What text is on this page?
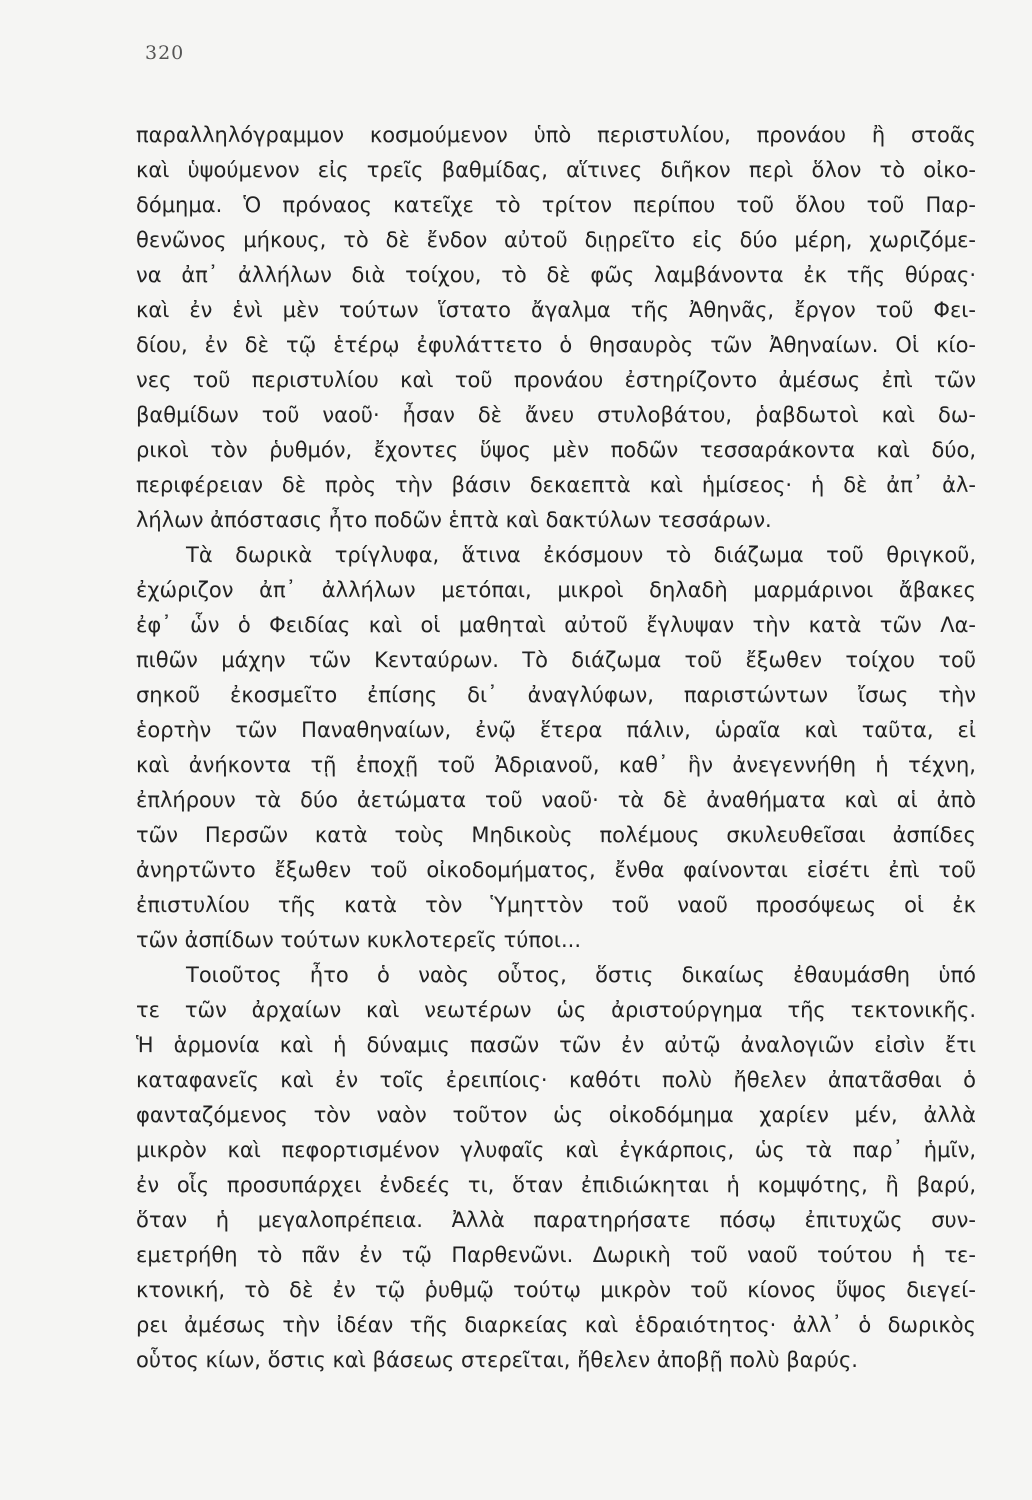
320
παραλληλόγραμμον κοσμούμενον ὑπὸ περιστυλίου, προνάου ἢ στοᾶς
καὶ ὑψούμενον εἰς τρεῖς βαθμίδας, αἵτινες διῆκον περὶ ὅλον τὸ οἰκο-
δόμημα. Ὁ πρόναος κατεῖχε τὸ τρίτον περίπου τοῦ ὅλου τοῦ Παρ-
θενῶνος μήκους, τὸ δὲ ἔνδον αὐτοῦ διῃρεῖτο εἰς δύο μέρη, χωριζόμε-
να ἀπ᾽ ἀλλήλων διὰ τοίχου, τὸ δὲ φῶς λαμβάνοντα ἐκ τῆς θύρας·
καὶ ἐν ἑνὶ μὲν τούτων ἵστατο ἄγαλμα τῆς Ἀθηνᾶς, ἔργον τοῦ Φει-
δίου, ἐν δὲ τῷ ἑτέρῳ ἐφυλάττετο ὁ θησαυρὸς τῶν Ἀθηναίων. Οἱ κίο-
νες τοῦ περιστυλίου καὶ τοῦ προνάου ἐστηρίζοντο ἀμέσως ἐπὶ τῶν
βαθμίδων τοῦ ναοῦ· ἦσαν δὲ ἄνευ στυλοβάτου, ῥαβδωτοὶ καὶ δω-
ρικοὶ τὸν ῥυθμόν, ἔχοντες ὕψος μὲν ποδῶν τεσσαράκοντα καὶ δύο,
περιφέρειαν δὲ πρὸς τὴν βάσιν δεκαεπτὰ καὶ ἡμίσεος· ἡ δὲ ἀπ᾽ ἀλ-
λήλων ἀπόστασις ἦτο ποδῶν ἑπτὰ καὶ δακτύλων τεσσάρων.
Τὰ δωρικὰ τρίγλυφα, ἅτινα ἐκόσμουν τὸ διάζωμα τοῦ θριγκοῦ,
ἐχώριζον ἀπ᾽ ἀλλήλων μετόπαι, μικροὶ δηλαδὴ μαρμάρινοι ἄβακες
ἐφ᾽ ὧν ὁ Φειδίας καὶ οἱ μαθηταὶ αὐτοῦ ἔγλυψαν τὴν κατὰ τῶν Λα-
πιθῶν μάχην τῶν Κενταύρων. Τὸ διάζωμα τοῦ ἔξωθεν τοίχου τοῦ
σηκοῦ ἐκοσμεῖτο ἐπίσης δι᾽ ἀναγλύφων, παριστώντων ἴσως τὴν
ἑορτὴν τῶν Παναθηναίων, ἐνῷ ἕτερα πάλιν, ὡραῖα καὶ ταῦτα, εἰ
καὶ ἀνήκοντα τῇ ἐποχῇ τοῦ Ἀδριανοῦ, καθ᾽ ἣν ἀνεγεννήθη ἡ τέχνη,
ἐπλήρουν τὰ δύο ἀετώματα τοῦ ναοῦ· τὰ δὲ ἀναθήματα καὶ αἱ ἀπὸ
τῶν Περσῶν κατὰ τοὺς Μηδικοὺς πολέμους σκυλευθεῖσαι ἀσπίδες
ἀνηρτῶντο ἔξωθεν τοῦ οἰκοδομήματος, ἔνθα φαίνονται εἰσέτι ἐπὶ τοῦ
ἐπιστυλίου τῆς κατὰ τὸν Ὑμηττὸν τοῦ ναοῦ προσόψεως οἱ ἐκ
τῶν ἀσπίδων τούτων κυκλοτερεῖς τύποι...
Τοιοῦτος ἦτο ὁ ναὸς οὗτος, ὅστις δικαίως ἐθαυμάσθη ὑπό
τε τῶν ἀρχαίων καὶ νεωτέρων ὡς ἀριστούργημα τῆς τεκτονικῆς.
Ἡ ἁρμονία καὶ ἡ δύναμις πασῶν τῶν ἐν αὐτῷ ἀναλογιῶν εἰσὶν ἔτι
καταφανεῖς καὶ ἐν τοῖς ἐρειπίοις· καθότι πολὺ ἤθελεν ἀπατᾶσθαι ὁ
φανταζόμενος τὸν ναὸν τοῦτον ὡς οἰκοδόμημα χαρίεν μέν, ἀλλὰ
μικρὸν καὶ πεφορτισμένον γλυφαῖς καὶ ἐγκάρποις, ὡς τὰ παρ᾽ ἡμῖν,
ἐν οἷς προσυπάρχει ἐνδεές τι, ὅταν ἐπιδιώκηται ἡ κομψότης, ἢ βαρύ,
ὅταν ἡ μεγαλοπρέπεια. Ἀλλὰ παρατηρήσατε πόσῳ ἐπιτυχῶς συν-
εμετρήθη τὸ πᾶν ἐν τῷ Παρθενῶνι. Δωρικὴ τοῦ ναοῦ τούτου ἡ τε-
κτονική, τὸ δὲ ἐν τῷ ῥυθμῷ τούτῳ μικρὸν τοῦ κίονος ὕψος διεγεί-
ρει ἀμέσως τὴν ἰδέαν τῆς διαρκείας καὶ ἑδραιότητος· ἀλλ᾽ ὁ δωρικὸς
οὗτος κίων, ὅστις καὶ βάσεως στερεῖται, ἤθελεν ἀποβῇ πολὺ βαρύς.
